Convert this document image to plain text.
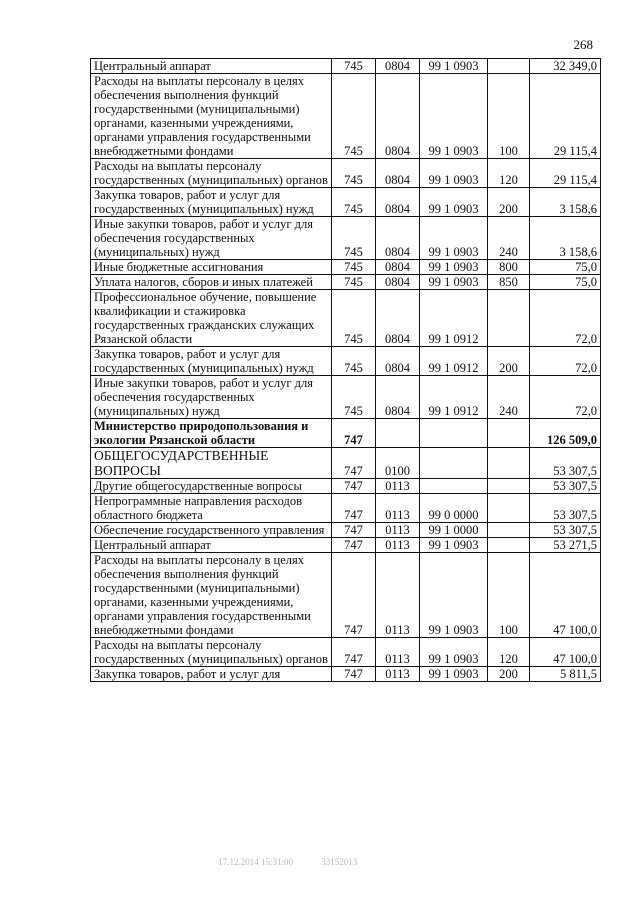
268
Центральный аппарат	745	0804	99 1 0903		32 349,0
Расходы на выплаты персоналу в целях обеспечения выполнения функций государственными (муниципальными) органами, казенными учреждениями, органами управления государственными внебюджетными фондами	745	0804	99 1 0903	100	29 115,4
Расходы на выплаты персоналу государственных (муниципальных) органов	745	0804	99 1 0903	120	29 115,4
Закупка товаров, работ и услуг для государственных (муниципальных) нужд	745	0804	99 1 0903	200	3 158,6
Иные закупки товаров, работ и услуг для обеспечения государственных (муниципальных) нужд	745	0804	99 1 0903	240	3 158,6
Иные бюджетные ассигнования	745	0804	99 1 0903	800	75,0
Уплата налогов, сборов и иных платежей	745	0804	99 1 0903	850	75,0
Профессиональное обучение, повышение квалификации и стажировка государственных гражданских служащих Рязанской области	745	0804	99 1 0912		72,0
Закупка товаров, работ и услуг для государственных (муниципальных) нужд	745	0804	99 1 0912	200	72,0
Иные закупки товаров, работ и услуг для обеспечения государственных (муниципальных) нужд	745	0804	99 1 0912	240	72,0
Министерство природопользования и экологии Рязанской области	747				126 509,0
ОБЩЕГОСУДАРСТВЕННЫЕ ВОПРОСЫ	747	0100			53 307,5
Другие общегосударственные вопросы	747	0113			53 307,5
Непрограммные направления расходов областного бюджета	747	0113	99 0 0000		53 307,5
Обеспечение государственного управления	747	0113	99 1 0000		53 307,5
Центральный аппарат	747	0113	99 1 0903		53 271,5
Расходы на выплаты персоналу в целях обеспечения выполнения функций государственными (муниципальными) органами, казенными учреждениями, органами управления государственными внебюджетными фондами	747	0113	99 1 0903	100	47 100,0
Расходы на выплаты персоналу государственных (муниципальных) органов	747	0113	99 1 0903	120	47 100,0
Закупка товаров, работ и услуг для	747	0113	99 1 0903	200	5 811,5
17.12.2014 15:31:00	33152013
